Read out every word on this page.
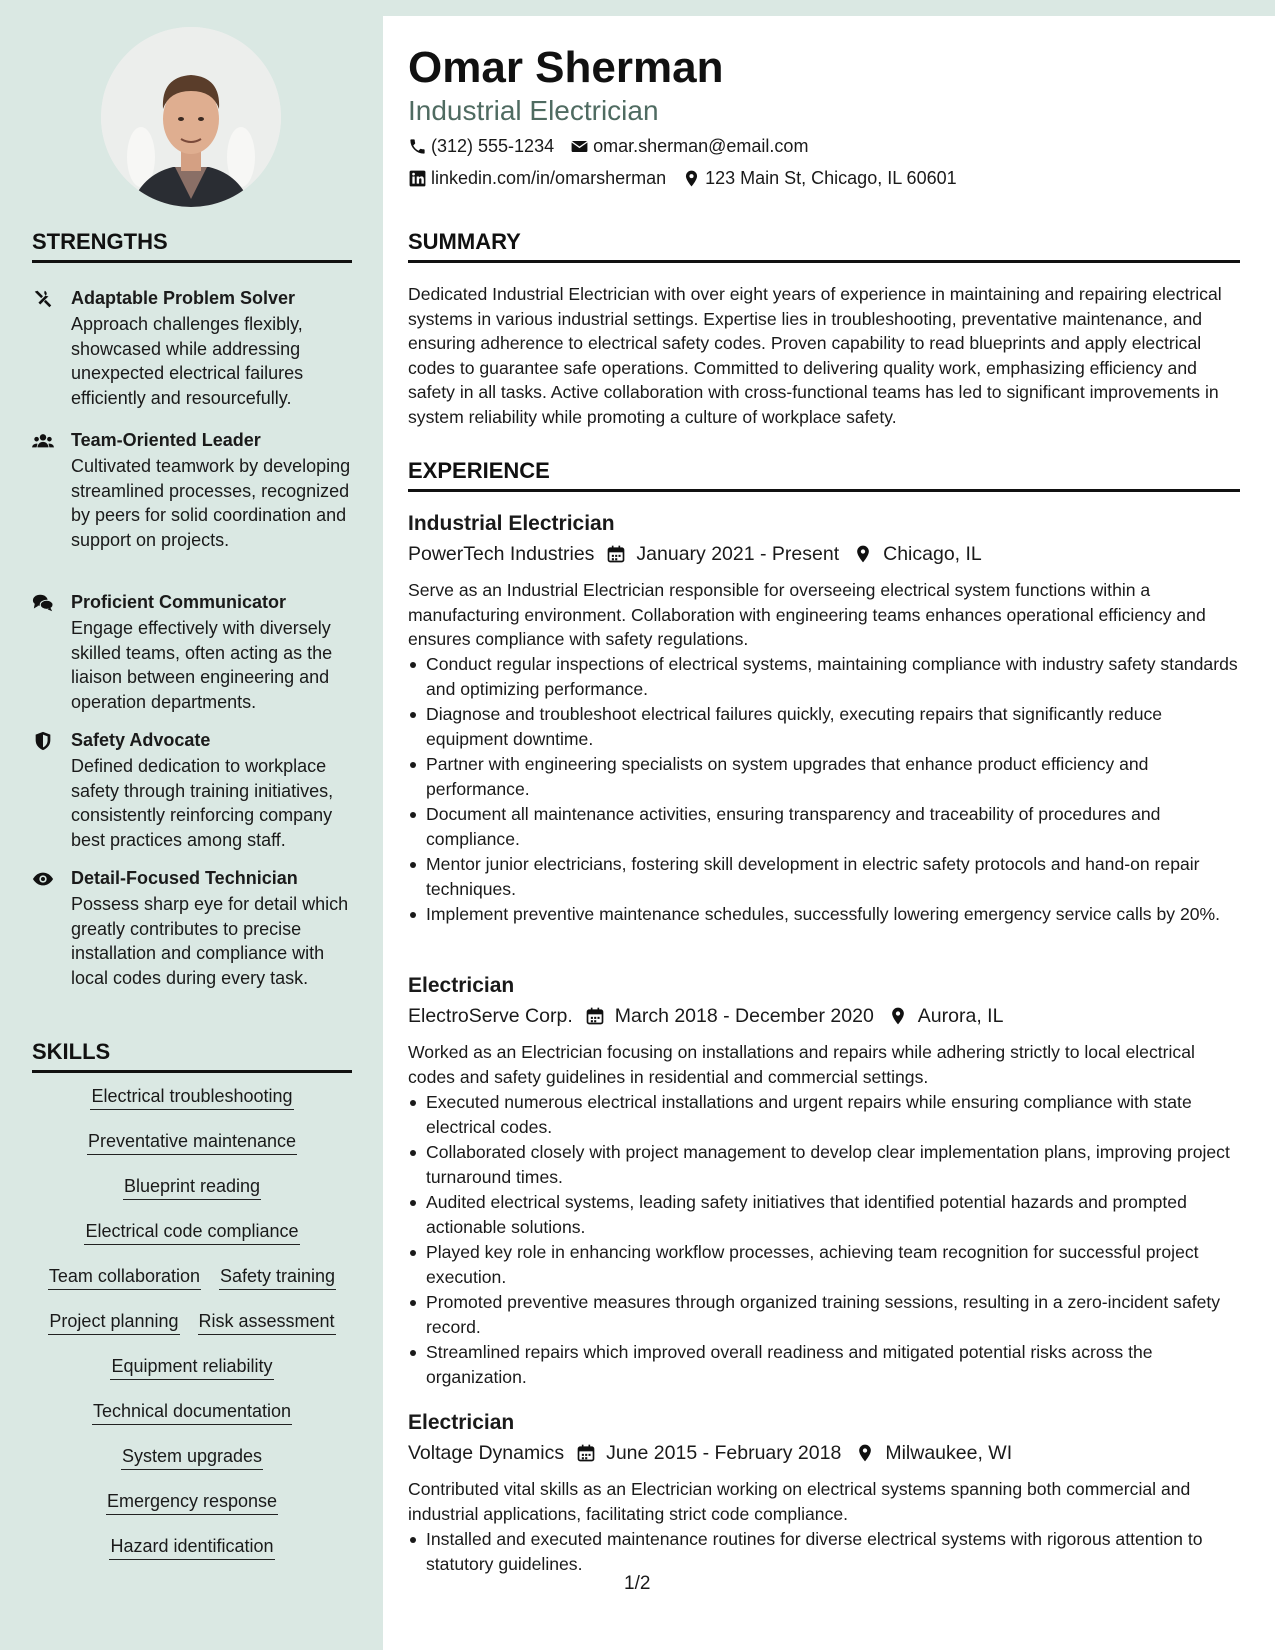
STRENGTHS
Adaptable Problem Solver
Approach challenges flexibly, showcased while addressing unexpected electrical failures efficiently and resourcefully.
Team-Oriented Leader
Cultivated teamwork by developing streamlined processes, recognized by peers for solid coordination and support on projects.
Proficient Communicator
Engage effectively with diversely skilled teams, often acting as the liaison between engineering and operation departments.
Safety Advocate
Defined dedication to workplace safety through training initiatives, consistently reinforcing company best practices among staff.
Detail-Focused Technician
Possess sharp eye for detail which greatly contributes to precise installation and compliance with local codes during every task.
SKILLS
Electrical troubleshooting
Preventative maintenance
Blueprint reading
Electrical code compliance
Team collaboration Safety training
Project planning Risk assessment
Equipment reliability
Technical documentation
System upgrades
Emergency response
Hazard identification
Omar Sherman
Industrial Electrician
(312) 555-1234 omar.sherman@email.com
linkedin.com/in/omarsherman 123 Main St, Chicago, IL 60601
SUMMARY
Dedicated Industrial Electrician with over eight years of experience in maintaining and repairing electrical systems in various industrial settings. Expertise lies in troubleshooting, preventative maintenance, and ensuring adherence to electrical safety codes. Proven capability to read blueprints and apply electrical codes to guarantee safe operations. Committed to delivering quality work, emphasizing efficiency and safety in all tasks. Active collaboration with cross-functional teams has led to significant improvements in system reliability while promoting a culture of workplace safety.
EXPERIENCE
Industrial Electrician
PowerTech Industries January 2021 - Present Chicago, IL
Serve as an Industrial Electrician responsible for overseeing electrical system functions within a manufacturing environment. Collaboration with engineering teams enhances operational efficiency and ensures compliance with safety regulations.
Conduct regular inspections of electrical systems, maintaining compliance with industry safety standards and optimizing performance.
Diagnose and troubleshoot electrical failures quickly, executing repairs that significantly reduce equipment downtime.
Partner with engineering specialists on system upgrades that enhance product efficiency and performance.
Document all maintenance activities, ensuring transparency and traceability of procedures and compliance.
Mentor junior electricians, fostering skill development in electric safety protocols and hand-on repair techniques.
Implement preventive maintenance schedules, successfully lowering emergency service calls by 20%.
Electrician
ElectroServe Corp. March 2018 - December 2020 Aurora, IL
Worked as an Electrician focusing on installations and repairs while adhering strictly to local electrical codes and safety guidelines in residential and commercial settings.
Executed numerous electrical installations and urgent repairs while ensuring compliance with state electrical codes.
Collaborated closely with project management to develop clear implementation plans, improving project turnaround times.
Audited electrical systems, leading safety initiatives that identified potential hazards and prompted actionable solutions.
Played key role in enhancing workflow processes, achieving team recognition for successful project execution.
Promoted preventive measures through organized training sessions, resulting in a zero-incident safety record.
Streamlined repairs which improved overall readiness and mitigated potential risks across the organization.
Electrician
Voltage Dynamics June 2015 - February 2018 Milwaukee, WI
Contributed vital skills as an Electrician working on electrical systems spanning both commercial and industrial applications, facilitating strict code compliance.
Installed and executed maintenance routines for diverse electrical systems with rigorous attention to statutory guidelines.
1/2
